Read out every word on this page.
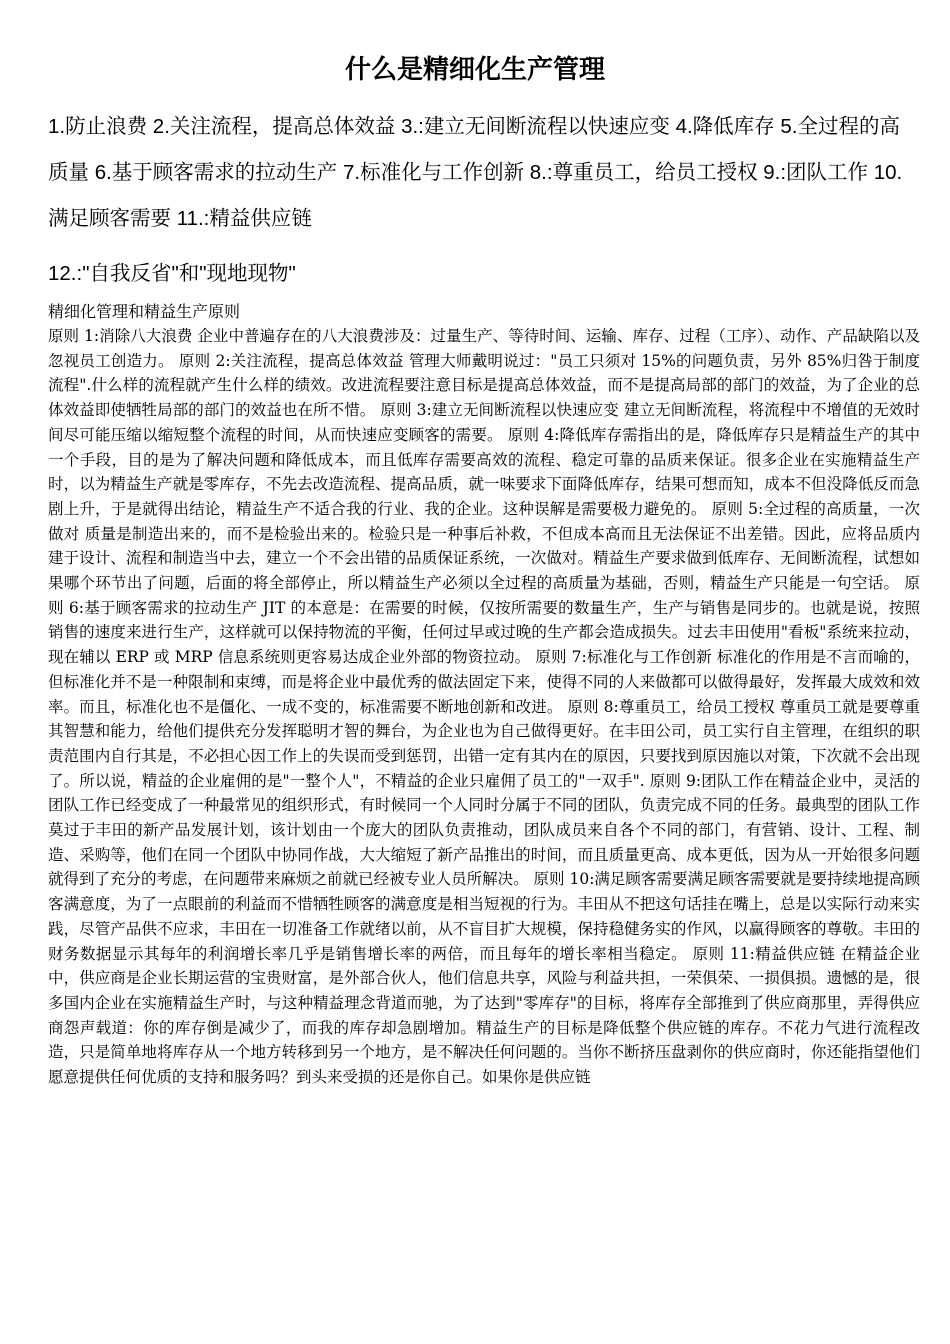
什么是精细化生产管理

1.防止浪费 2.关注流程，提高总体效益 3.:建立无间断流程以快速应变 4.降低库存 5.全过程的高质量 6.基于顾客需求的拉动生产 7.标准化与工作创新 8.:尊重员工，给员工授权 9.:团队工作 10.满足顾客需要 11.:精益供应链

12.:"自我反省"和"现地现物"

精细化管理和精益生产原则

原则 1:消除八大浪费 企业中普遍存在的八大浪费涉及：过量生产、等待时间、运输、库存、过程（工序）、动作、产品缺陷以及忽视员工创造力。 原则 2:关注流程，提高总体效益 管理大师戴明说过："员工只须对 15%的问题负责，另外 85%归咎于制度流程".什么样的流程就产生什么样的绩效。改进流程要注意目标是提高总体效益，而不是提高局部的部门的效益，为了企业的总体效益即使牺牲局部的部门的效益也在所不惜。 原则 3:建立无间断流程以快速应变 建立无间断流程，将流程中不增值的无效时间尽可能压缩以缩短整个流程的时间，从而快速应变顾客的需要。 原则 4:降低库存需指出的是，降低库存只是精益生产的其中一个手段，目的是为了解决问题和降低成本，而且低库存需要高效的流程、稳定可靠的品质来保证。很多企业在实施精益生产时，以为精益生产就是零库存，不先去改造流程、提高品质，就一味要求下面降低库存，结果可想而知，成本不但没降低反而急剧上升，于是就得出结论，精益生产不适合我的行业、我的企业。这种误解是需要极力避免的。 原则 5:全过程的高质量，一次做对 质量是制造出来的，而不是检验出来的。检验只是一种事后补救，不但成本高而且无法保证不出差错。因此，应将品质内建于设计、流程和制造当中去，建立一个不会出错的品质保证系统，一次做对。精益生产要求做到低库存、无间断流程，试想如果哪个环节出了问题，后面的将全部停止，所以精益生产必须以全过程的高质量为基础，否则，精益生产只能是一句空话。 原则 6:基于顾客需求的拉动生产 JIT 的本意是：在需要的时候，仅按所需要的数量生产，生产与销售是同步的。也就是说，按照销售的速度来进行生产，这样就可以保持物流的平衡，任何过早或过晚的生产都会造成损失。过去丰田使用"看板"系统来拉动，现在辅以 ERP 或 MRP 信息系统则更容易达成企业外部的物资拉动。 原则 7:标准化与工作创新 标准化的作用是不言而喻的，但标准化并不是一种限制和束缚，而是将企业中最优秀的做法固定下来，使得不同的人来做都可以做得最好，发挥最大成效和效率。而且，标准化也不是僵化、一成不变的，标准需要不断地创新和改进。 原则 8:尊重员工，给员工授权 尊重员工就是要尊重其智慧和能力，给他们提供充分发挥聪明才智的舞台，为企业也为自己做得更好。在丰田公司，员工实行自主管理，在组织的职责范围内自行其是，不必担心因工作上的失误而受到惩罚，出错一定有其内在的原因，只要找到原因施以对策，下次就不会出现了。所以说，精益的企业雇佣的是"一整个人"，不精益的企业只雇佣了员工的"一双手". 原则 9:团队工作在精益企业中，灵活的团队工作已经变成了一种最常见的组织形式，有时候同一个人同时分属于不同的团队，负责完成不同的任务。最典型的团队工作莫过于丰田的新产品发展计划，该计划由一个庞大的团队负责推动，团队成员来自各个不同的部门，有营销、设计、工程、制造、采购等，他们在同一个团队中协同作战，大大缩短了新产品推出的时间，而且质量更高、成本更低，因为从一开始很多问题就得到了充分的考虑，在问题带来麻烦之前就已经被专业人员所解决。 原则 10:满足顾客需要满足顾客需要就是要持续地提高顾客满意度，为了一点眼前的利益而不惜牺牲顾客的满意度是相当短视的行为。丰田从不把这句话挂在嘴上，总是以实际行动来实践，尽管产品供不应求，丰田在一切准备工作就绪以前，从不盲目扩大规模，保持稳健务实的作风，以赢得顾客的尊敬。丰田的财务数据显示其每年的利润增长率几乎是销售增长率的两倍，而且每年的增长率相当稳定。 原则 11:精益供应链 在精益企业中，供应商是企业长期运营的宝贵财富，是外部合伙人，他们信息共享，风险与利益共担，一荣俱荣、一损俱损。遗憾的是，很多国内企业在实施精益生产时，与这种精益理念背道而驰，为了达到"零库存"的目标，将库存全部推到了供应商那里，弄得供应商怨声载道：你的库存倒是减少了，而我的库存却急剧增加。精益生产的目标是降低整个供应链的库存。不花力气进行流程改造，只是简单地将库存从一个地方转移到另一个地方，是不解决任何问题的。当你不断挤压盘剥你的供应商时，你还能指望他们愿意提供任何优质的支持和服务吗？到头来受损的还是你自己。如果你是供应链
